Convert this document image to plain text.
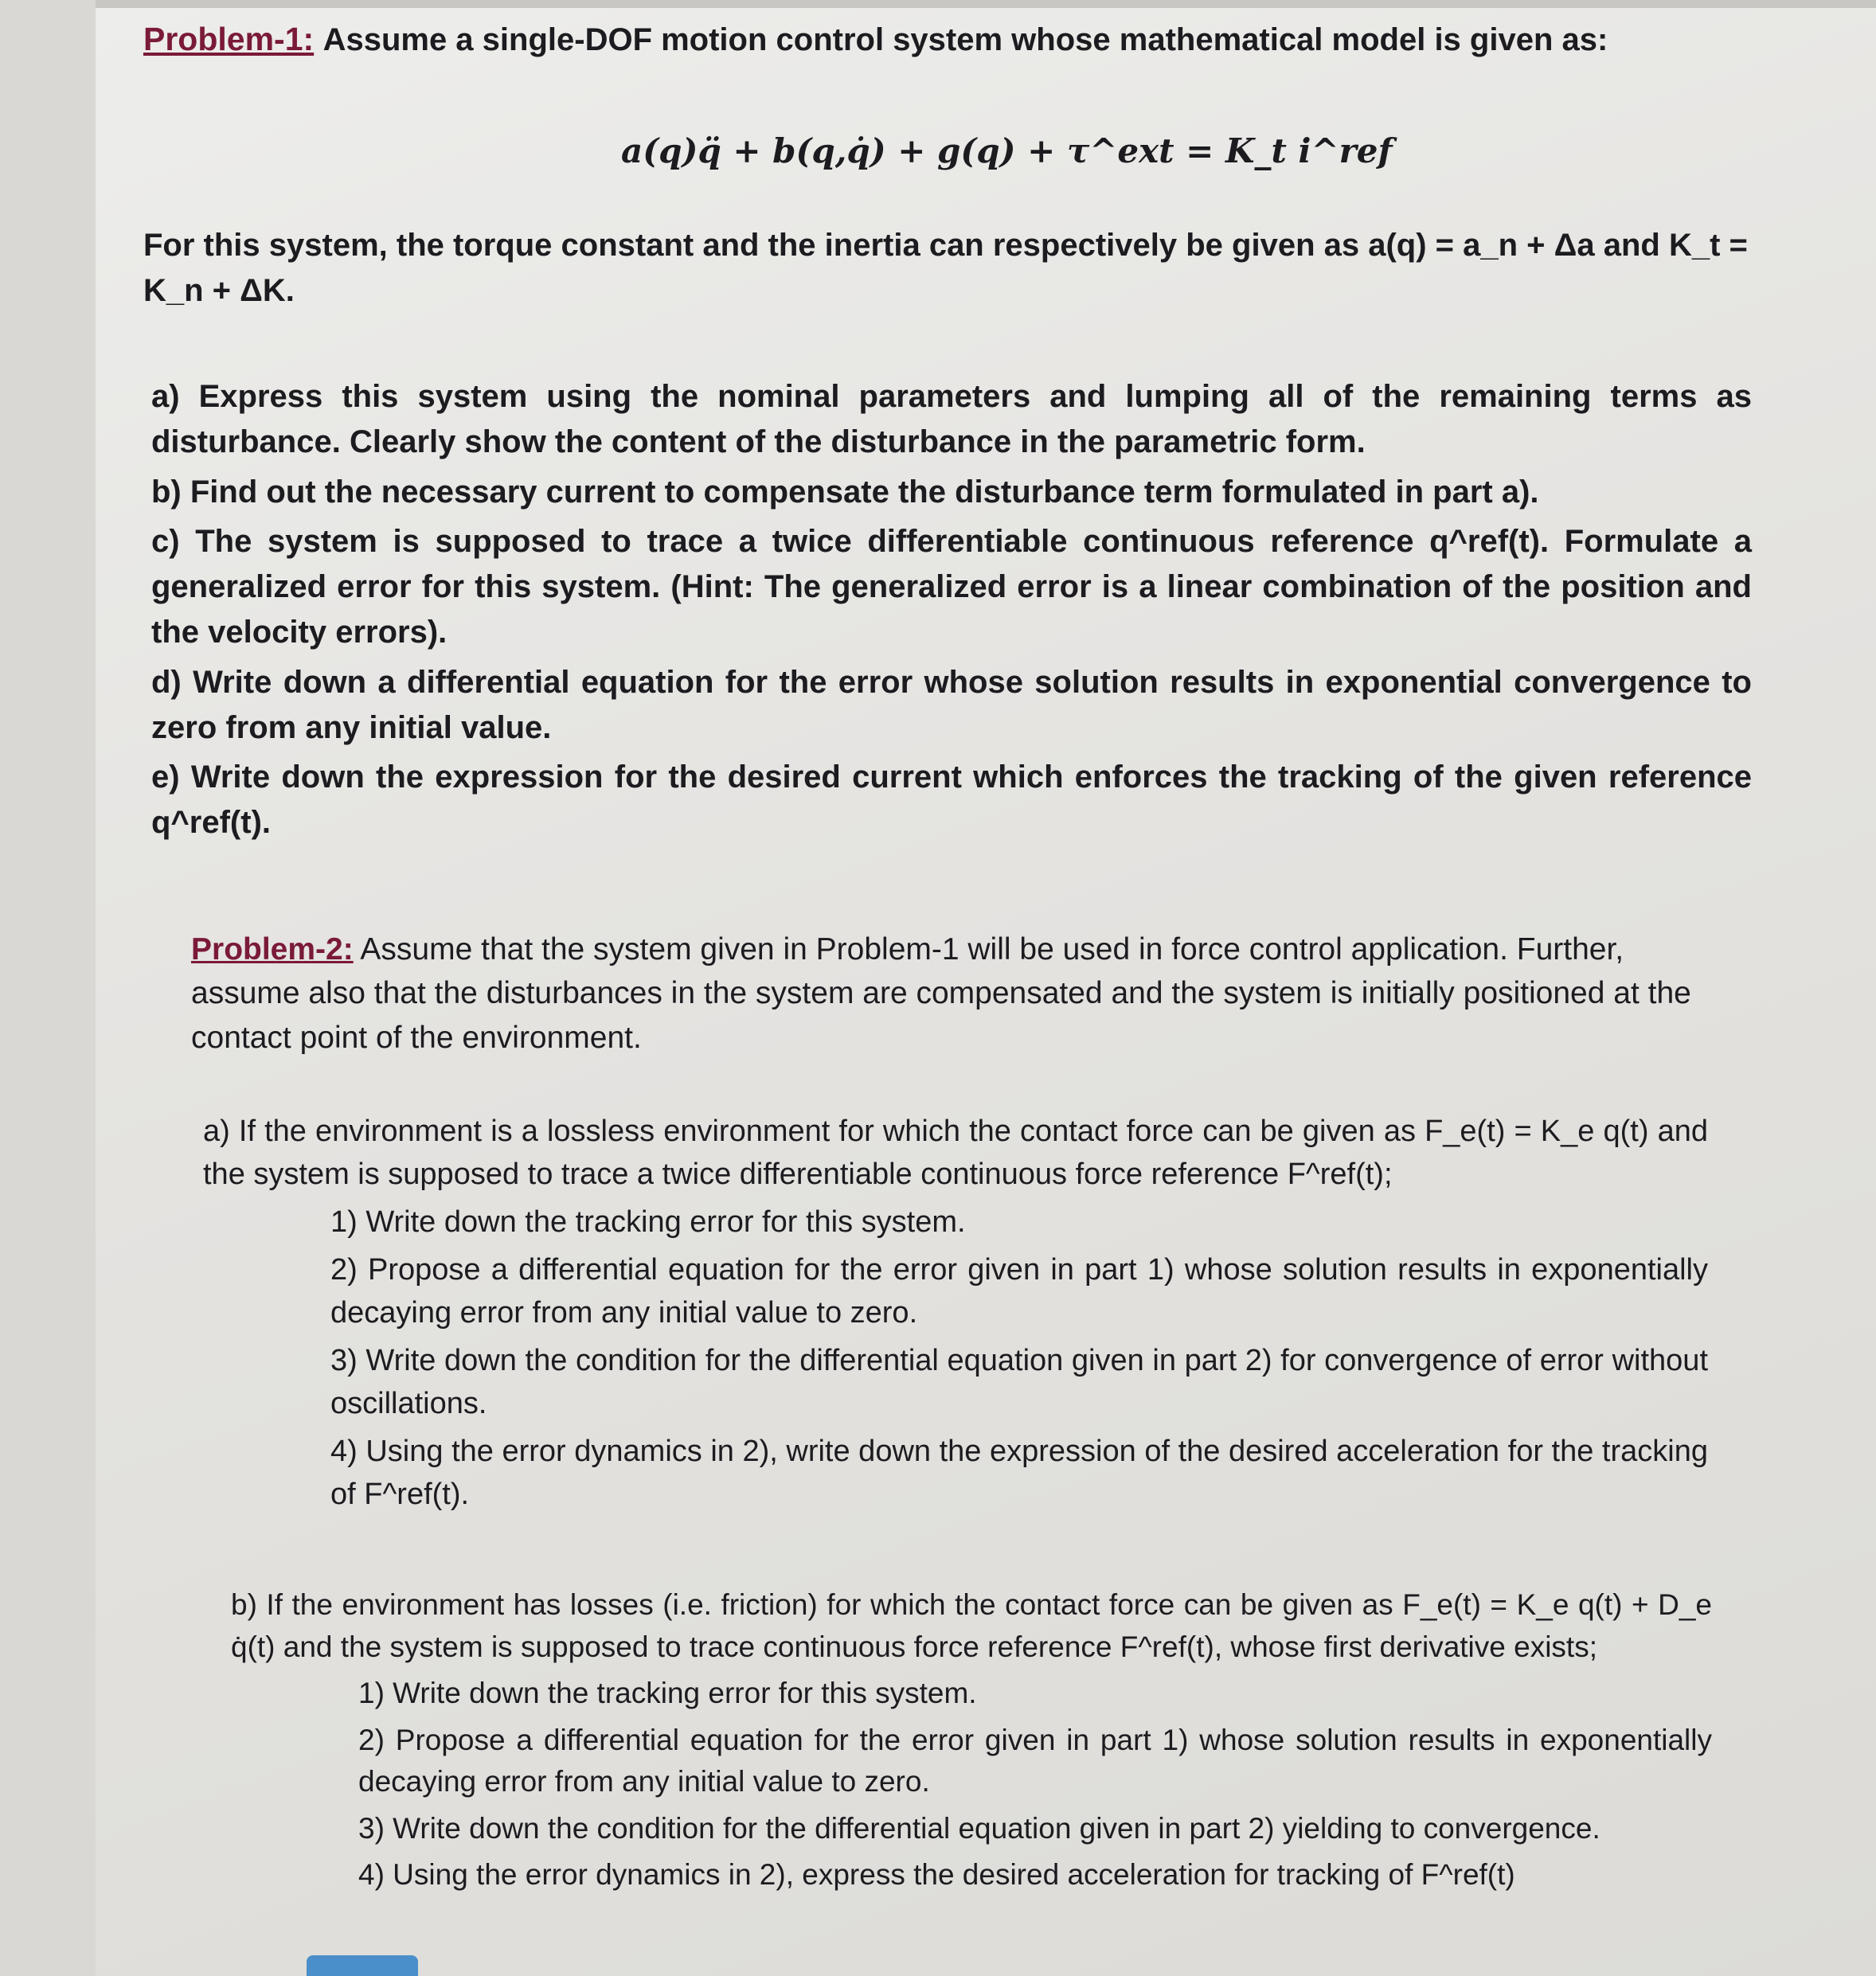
Problem-1: Assume a single-DOF motion control system whose mathematical model is given as:
a(q)q̈ + b(q,q̇) + g(q) + τ^ext = K_t i^ref
For this system, the torque constant and the inertia can respectively be given as a(q) = a_n + Δa and K_t = K_n + ΔK.
a) Express this system using the nominal parameters and lumping all of the remaining terms as disturbance. Clearly show the content of the disturbance in the parametric form.
b) Find out the necessary current to compensate the disturbance term formulated in part a).
c) The system is supposed to trace a twice differentiable continuous reference q^ref(t). Formulate a generalized error for this system. (Hint: The generalized error is a linear combination of the position and the velocity errors).
d) Write down a differential equation for the error whose solution results in exponential convergence to zero from any initial value.
e) Write down the expression for the desired current which enforces the tracking of the given reference q^ref(t).
Problem-2: Assume that the system given in Problem-1 will be used in force control application. Further, assume also that the disturbances in the system are compensated and the system is initially positioned at the contact point of the environment.
a) If the environment is a lossless environment for which the contact force can be given as F_e(t) = K_e q(t) and the system is supposed to trace a twice differentiable continuous force reference F^ref(t);
1) Write down the tracking error for this system.
2) Propose a differential equation for the error given in part 1) whose solution results in exponentially decaying error from any initial value to zero.
3) Write down the condition for the differential equation given in part 2) for convergence of error without oscillations.
4) Using the error dynamics in 2), write down the expression of the desired acceleration for the tracking of F^ref(t).
b) If the environment has losses (i.e. friction) for which the contact force can be given as F_e(t) = K_e q(t) + D_e q̇(t) and the system is supposed to trace continuous force reference F^ref(t), whose first derivative exists;
1) Write down the tracking error for this system.
2) Propose a differential equation for the error given in part 1) whose solution results in exponentially decaying error from any initial value to zero.
3) Write down the condition for the differential equation given in part 2) yielding to convergence.
4) Using the error dynamics in 2), express the desired acceleration for tracking of F^ref(t)
